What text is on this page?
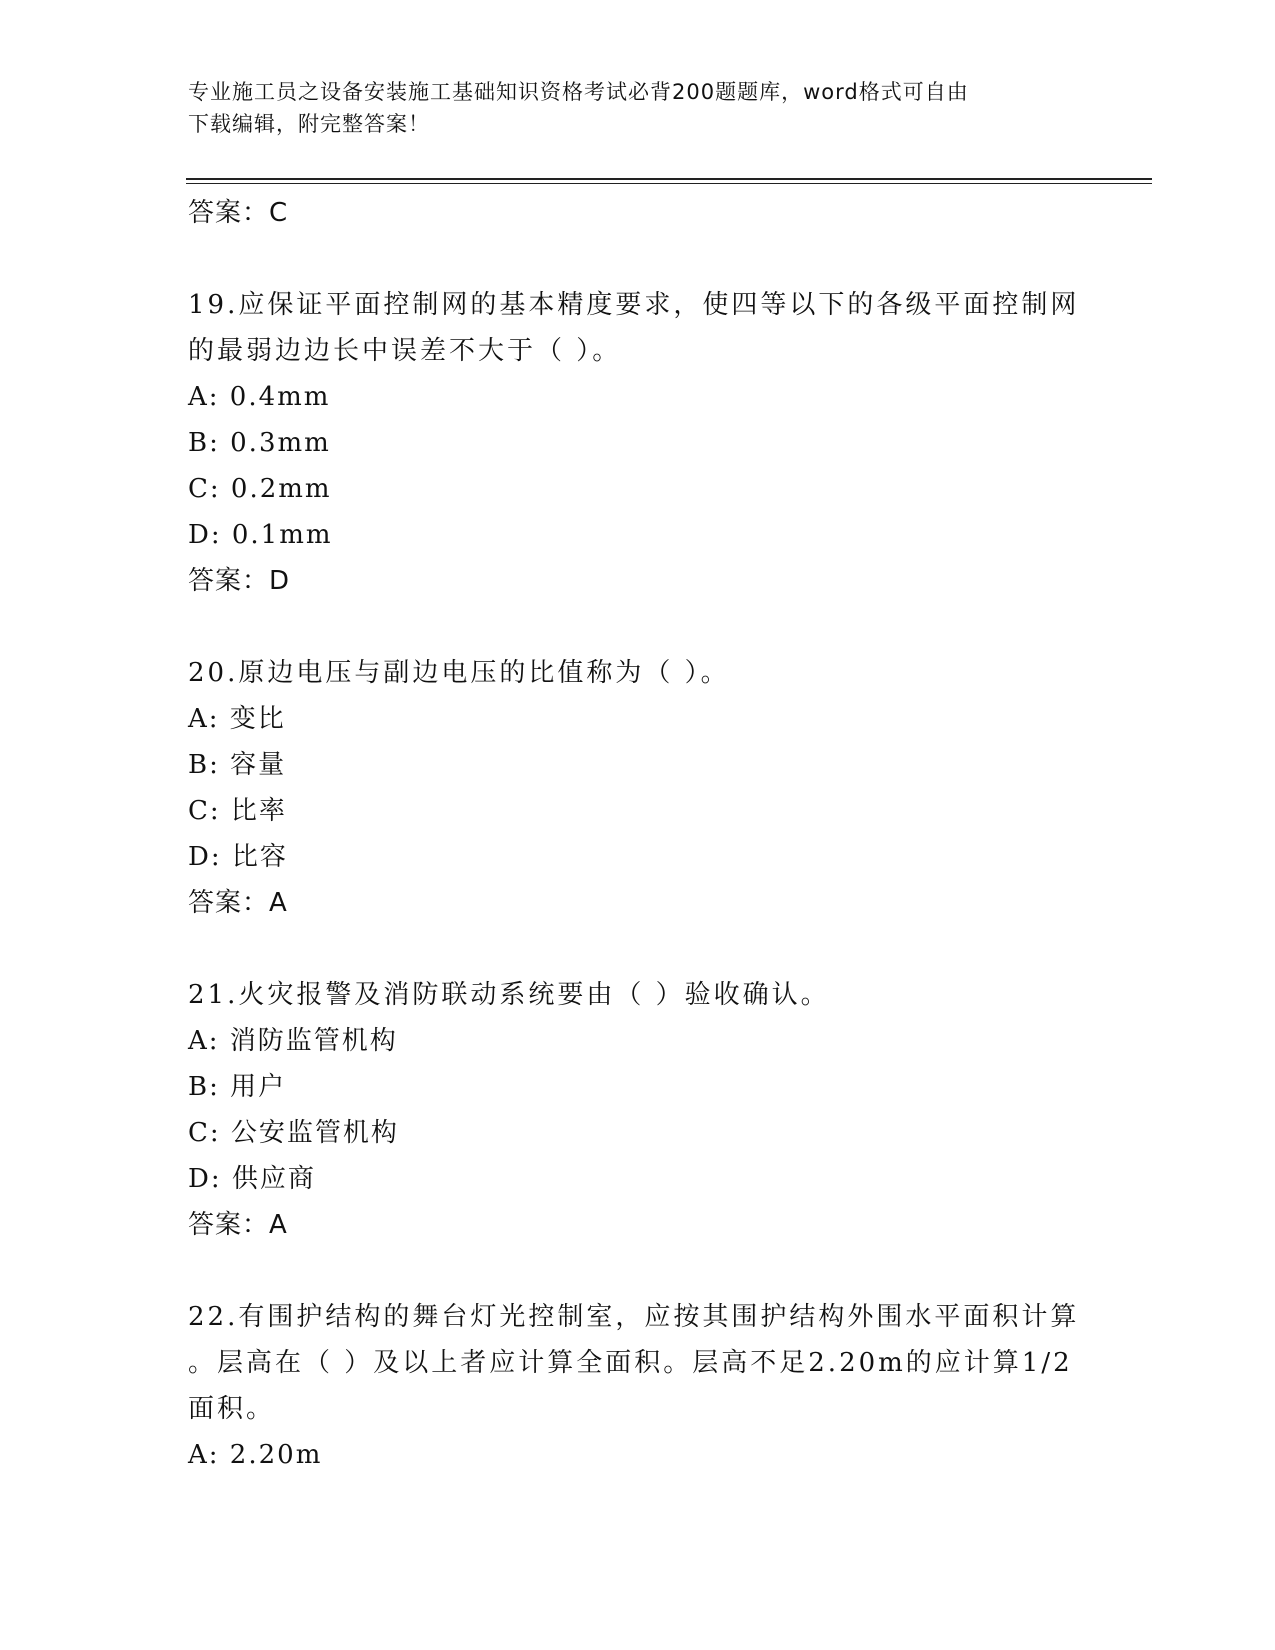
专业施工员之设备安装施工基础知识资格考试必背200题题库，word格式可自由
下载编辑，附完整答案！
答案：C
19.应保证平面控制网的基本精度要求，使四等以下的各级平面控制网
的最弱边边长中误差不大于（ ）。
A: 0.4mm
B: 0.3mm
C: 0.2mm
D: 0.1mm
答案：D
20.原边电压与副边电压的比值称为（ ）。
A: 变比
B: 容量
C: 比率
D: 比容
答案：A
21.火灾报警及消防联动系统要由（ ）验收确认。
A: 消防监管机构
B: 用户
C: 公安监管机构
D: 供应商
答案：A
22.有围护结构的舞台灯光控制室，应按其围护结构外围水平面积计算
。层高在（ ）及以上者应计算全面积。层高不足2.20m的应计算1/2
面积。
A: 2.20m
